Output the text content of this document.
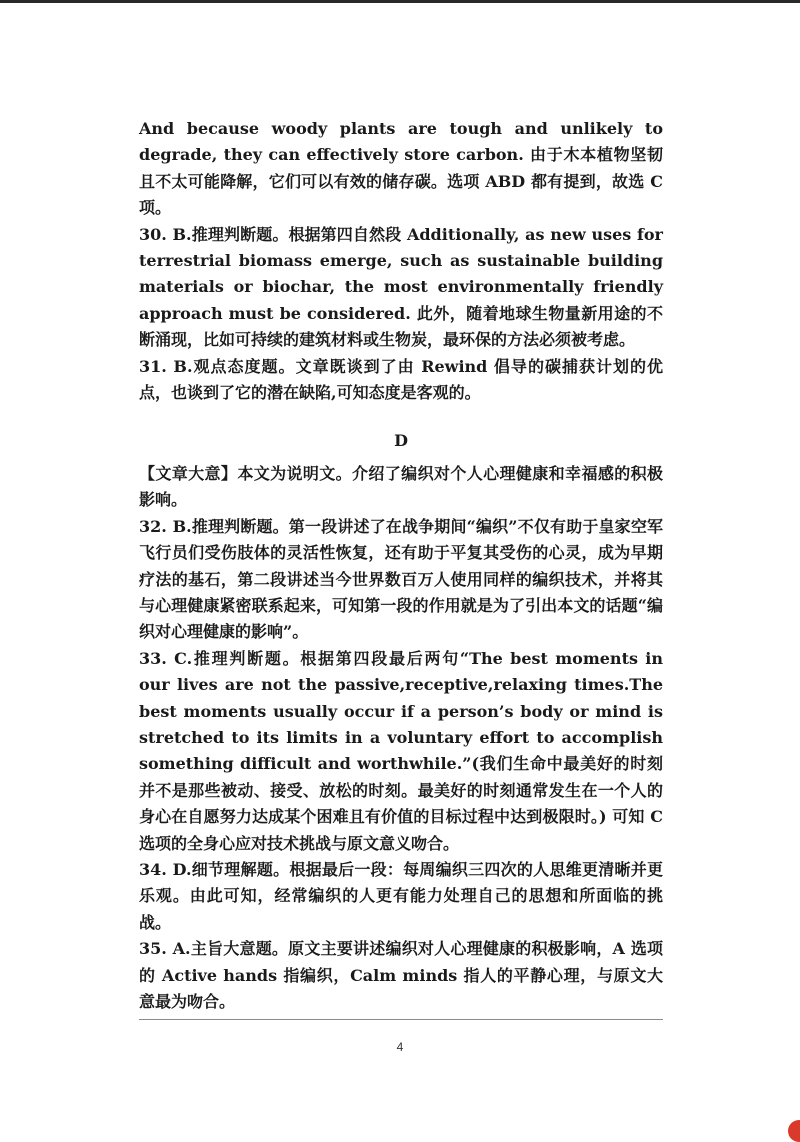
And because woody plants are tough and unlikely to degrade, they can effectively store carbon. 由于木本植物坚韧且不太可能降解，它们可以有效的储存碳。选项 ABD 都有提到，故选 C 项。

30. B.推理判断题。根据第四自然段 Additionally, as new uses for terrestrial biomass emerge, such as sustainable building materials or biochar, the most environmentally friendly approach must be considered. 此外，随着地球生物量新用途的不断涌现，比如可持续的建筑材料或生物炭，最环保的方法必须被考虑。

31. B.观点态度题。文章既谈到了由 Rewind 倡导的碳捕获计划的优点，也谈到了它的潜在缺陷,可知态度是客观的。

D

【文章大意】本文为说明文。介绍了编织对个人心理健康和幸福感的积极影响。

32. B.推理判断题。第一段讲述了在战争期间“编织”不仅有助于皇家空军飞行员们受伤肢体的灵活性恢复，还有助于平复其受伤的心灵，成为早期疗法的基石，第二段讲述当今世界数百万人使用同样的编织技术，并将其与心理健康紧密联系起来，可知第一段的作用就是为了引出本文的话题“编织对心理健康的影响”。

33. C.推理判断题。根据第四段最后两句“The best moments in our lives are not the passive,receptive,relaxing times.The best moments usually occur if a person’s body or mind is stretched to its limits in a voluntary effort to accomplish something difficult and worthwhile.”(我们生命中最美好的时刻并不是那些被动、接受、放松的时刻。最美好的时刻通常发生在一个人的身心在自愿努力达成某个困难且有价值的目标过程中达到极限时。) 可知 C 选项的全身心应对技术挑战与原文意义吻合。

34. D.细节理解题。根据最后一段：每周编织三四次的人思维更清晰并更乐观。由此可知，经常编织的人更有能力处理自己的思想和所面临的挑战。

35. A.主旨大意题。原文主要讲述编织对人心理健康的积极影响，A 选项的 Active hands 指编织，Calm minds 指人的平静心理，与原文大意最为吻合。

4
